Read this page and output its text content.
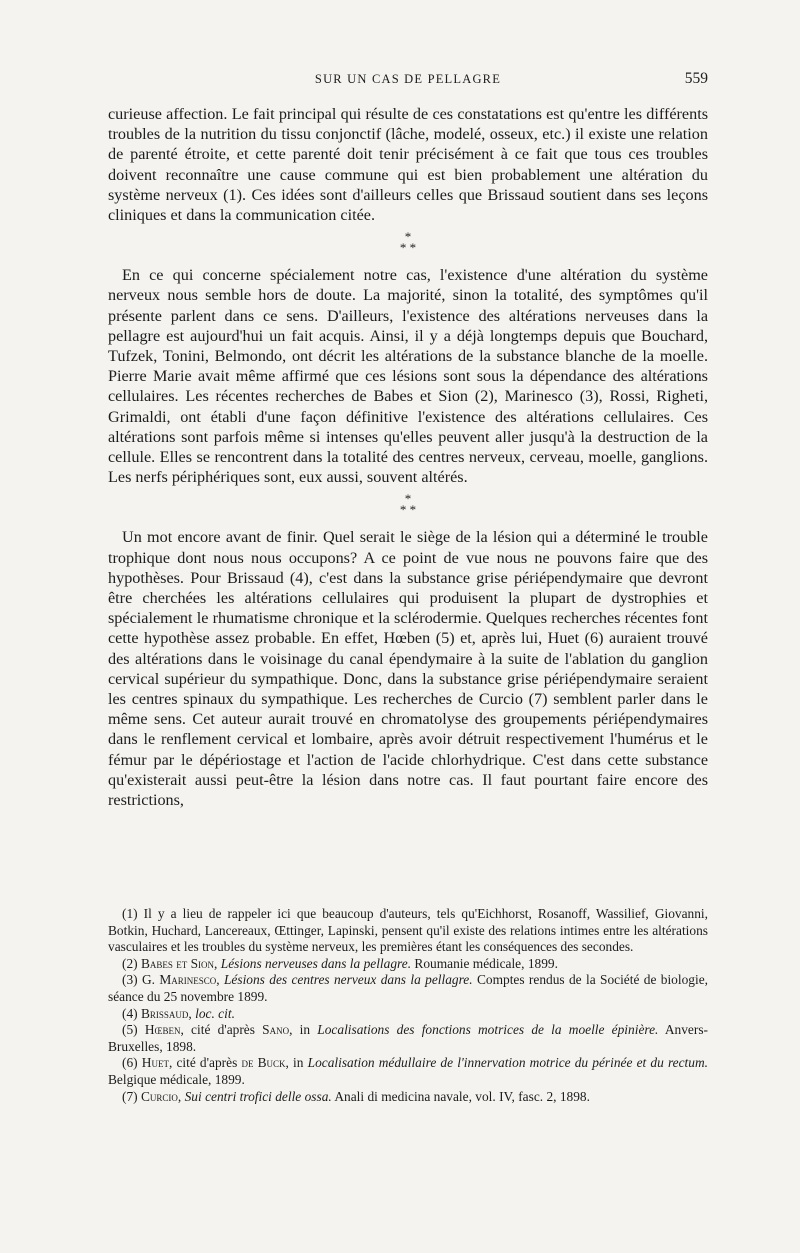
SUR UN CAS DE PELLAGRE	559

curieuse affection. Le fait principal qui résulte de ces constatations est qu'entre les différents troubles de la nutrition du tissu conjonctif (lâche, modelé, osseux, etc.) il existe une relation de parenté étroite, et cette parenté doit tenir précisément à ce fait que tous ces troubles doivent reconnaître une cause commune qui est bien probablement une altération du système nerveux (1). Ces idées sont d'ailleurs celles que Brissaud soutient dans ses leçons cliniques et dans la communication citée.

*
* *

En ce qui concerne spécialement notre cas, l'existence d'une altération du système nerveux nous semble hors de doute. La majorité, sinon la totalité, des symptômes qu'il présente parlent dans ce sens. D'ailleurs, l'existence des altérations nerveuses dans la pellagre est aujourd'hui un fait acquis. Ainsi, il y a déjà longtemps depuis que Bouchard, Tufzek, Tonini, Belmondo, ont décrit les altérations de la substance blanche de la moelle. Pierre Marie avait même affirmé que ces lésions sont sous la dépendance des altérations cellulaires. Les récentes recherches de Babes et Sion (2), Marinesco (3), Rossi, Righeti, Grimaldi, ont établi d'une façon définitive l'existence des altérations cellulaires. Ces altérations sont parfois même si intenses qu'elles peuvent aller jusqu'à la destruction de la cellule. Elles se rencontrent dans la totalité des centres nerveux, cerveau, moelle, ganglions. Les nerfs périphériques sont, eux aussi, souvent altérés.

*
* *

Un mot encore avant de finir. Quel serait le siège de la lésion qui a déterminé le trouble trophique dont nous nous occupons? A ce point de vue nous ne pouvons faire que des hypothèses. Pour Brissaud (4), c'est dans la substance grise périépendymaire que devront être cherchées les altérations cellulaires qui produisent la plupart de dystrophies et spécialement le rhumatisme chronique et la sclérodermie. Quelques recherches récentes font cette hypothèse assez probable. En effet, Hœben (5) et, après lui, Huet (6) auraient trouvé des altérations dans le voisinage du canal épendymaire à la suite de l'ablation du ganglion cervical supérieur du sympathique. Donc, dans la substance grise périépendymaire seraient les centres spinaux du sympathique. Les recherches de Curcio (7) semblent parler dans le même sens. Cet auteur aurait trouvé en chromatolyse des groupements périépendymaires dans le renflement cervical et lombaire, après avoir détruit respectivement l'humérus et le fémur par le dépériostage et l'action de l'acide chlorhydrique. C'est dans cette substance qu'existerait aussi peut-être la lésion dans notre cas. Il faut pourtant faire encore des restrictions,

(1) Il y a lieu de rappeler ici que beaucoup d'auteurs, tels qu'Eichhorst, Rosanoff, Wassilief, Giovanni, Botkin, Huchard, Lancereaux, Œttinger, Lapinski, pensent qu'il existe des relations intimes entre les altérations vasculaires et les troubles du système nerveux, les premières étant les conséquences des secondes.

(2) Babes et Sion, Lésions nerveuses dans la pellagre. Roumanie médicale, 1899.

(3) G. Marinesco, Lésions des centres nerveux dans la pellagre. Comptes rendus de la Société de biologie, séance du 25 novembre 1899.

(4) Brissaud, loc. cit.

(5) Hœben, cité d'après Sano, in Localisations des fonctions motrices de la moelle épinière. Anvers-Bruxelles, 1898.

(6) Huet, cité d'après de Buck, in Localisation médullaire de l'innervation motrice du périnée et du rectum. Belgique médicale, 1899.

(7) Curcio, Sui centri trofici delle ossa. Anali di medicina navale, vol. IV, fasc. 2, 1898.
